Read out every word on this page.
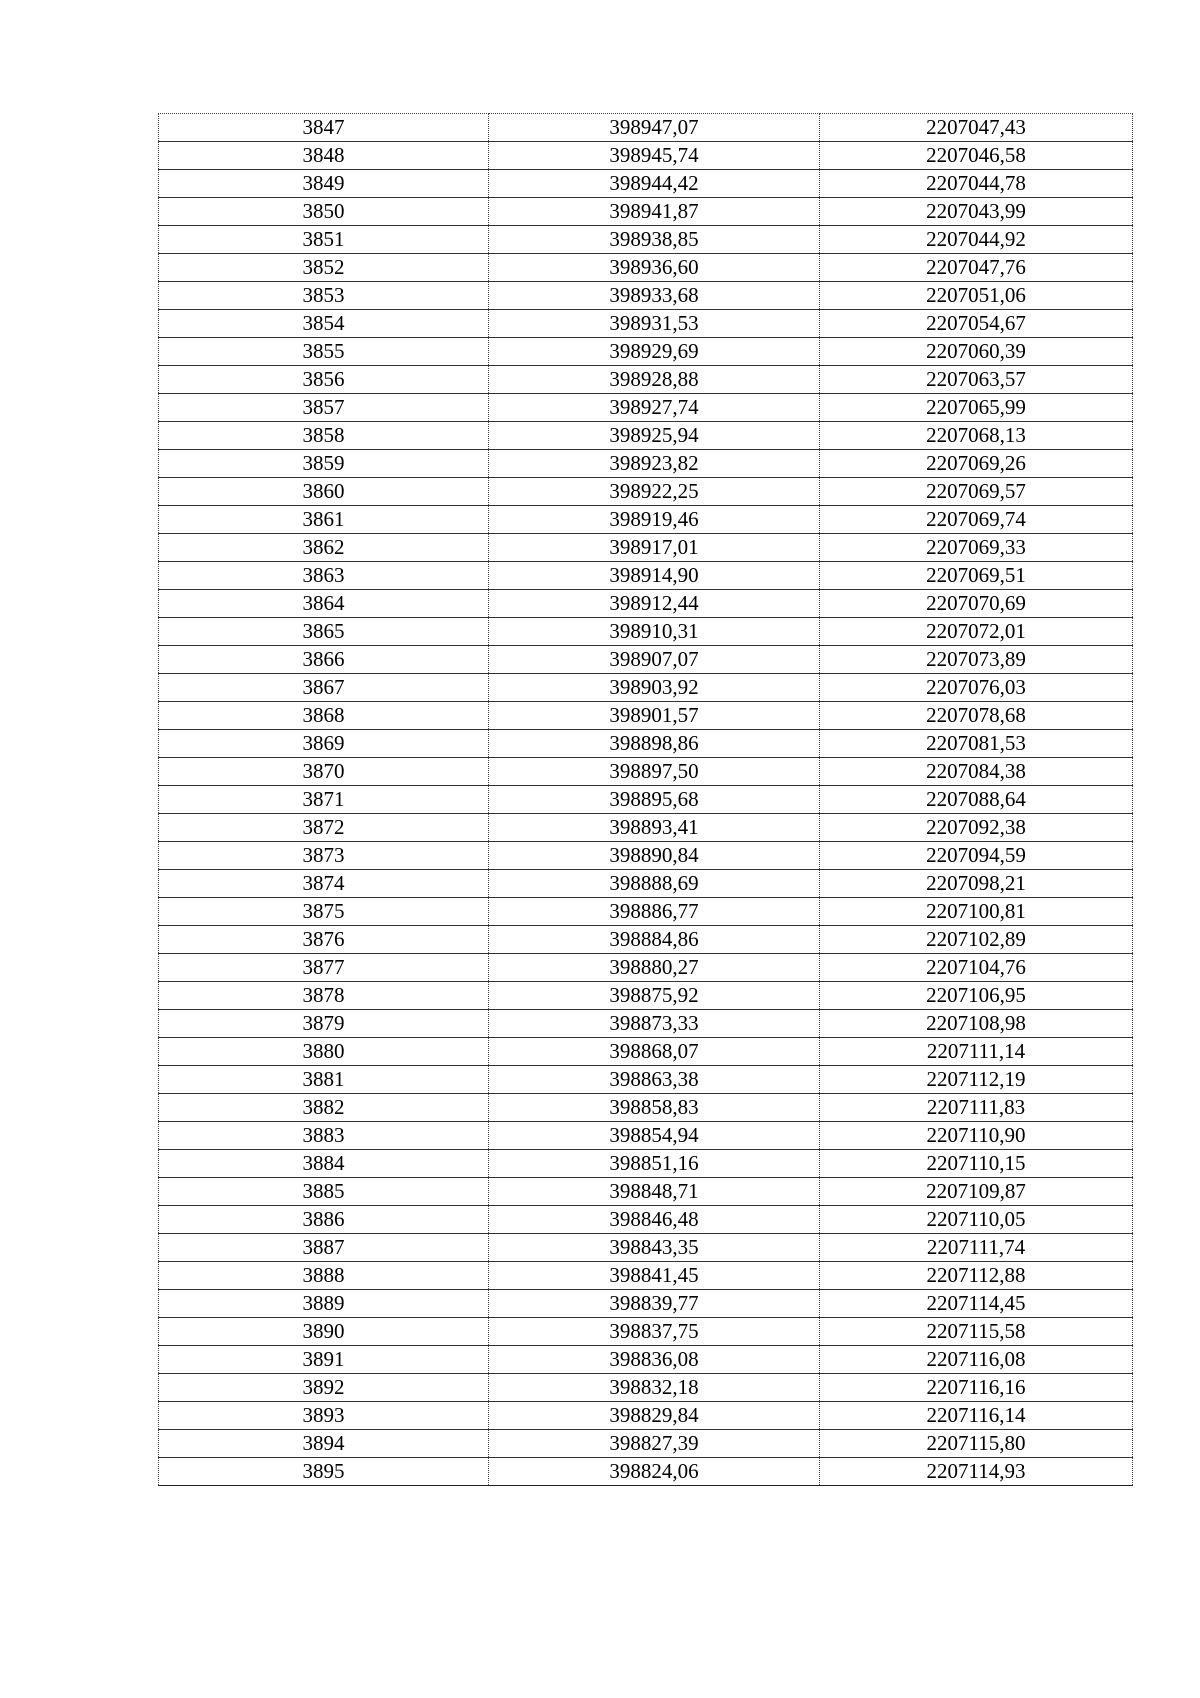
3847	398947,07	2207047,43
3848	398945,74	2207046,58
3849	398944,42	2207044,78
3850	398941,87	2207043,99
3851	398938,85	2207044,92
3852	398936,60	2207047,76
3853	398933,68	2207051,06
3854	398931,53	2207054,67
3855	398929,69	2207060,39
3856	398928,88	2207063,57
3857	398927,74	2207065,99
3858	398925,94	2207068,13
3859	398923,82	2207069,26
3860	398922,25	2207069,57
3861	398919,46	2207069,74
3862	398917,01	2207069,33
3863	398914,90	2207069,51
3864	398912,44	2207070,69
3865	398910,31	2207072,01
3866	398907,07	2207073,89
3867	398903,92	2207076,03
3868	398901,57	2207078,68
3869	398898,86	2207081,53
3870	398897,50	2207084,38
3871	398895,68	2207088,64
3872	398893,41	2207092,38
3873	398890,84	2207094,59
3874	398888,69	2207098,21
3875	398886,77	2207100,81
3876	398884,86	2207102,89
3877	398880,27	2207104,76
3878	398875,92	2207106,95
3879	398873,33	2207108,98
3880	398868,07	2207111,14
3881	398863,38	2207112,19
3882	398858,83	2207111,83
3883	398854,94	2207110,90
3884	398851,16	2207110,15
3885	398848,71	2207109,87
3886	398846,48	2207110,05
3887	398843,35	2207111,74
3888	398841,45	2207112,88
3889	398839,77	2207114,45
3890	398837,75	2207115,58
3891	398836,08	2207116,08
3892	398832,18	2207116,16
3893	398829,84	2207116,14
3894	398827,39	2207115,80
3895	398824,06	2207114,93
